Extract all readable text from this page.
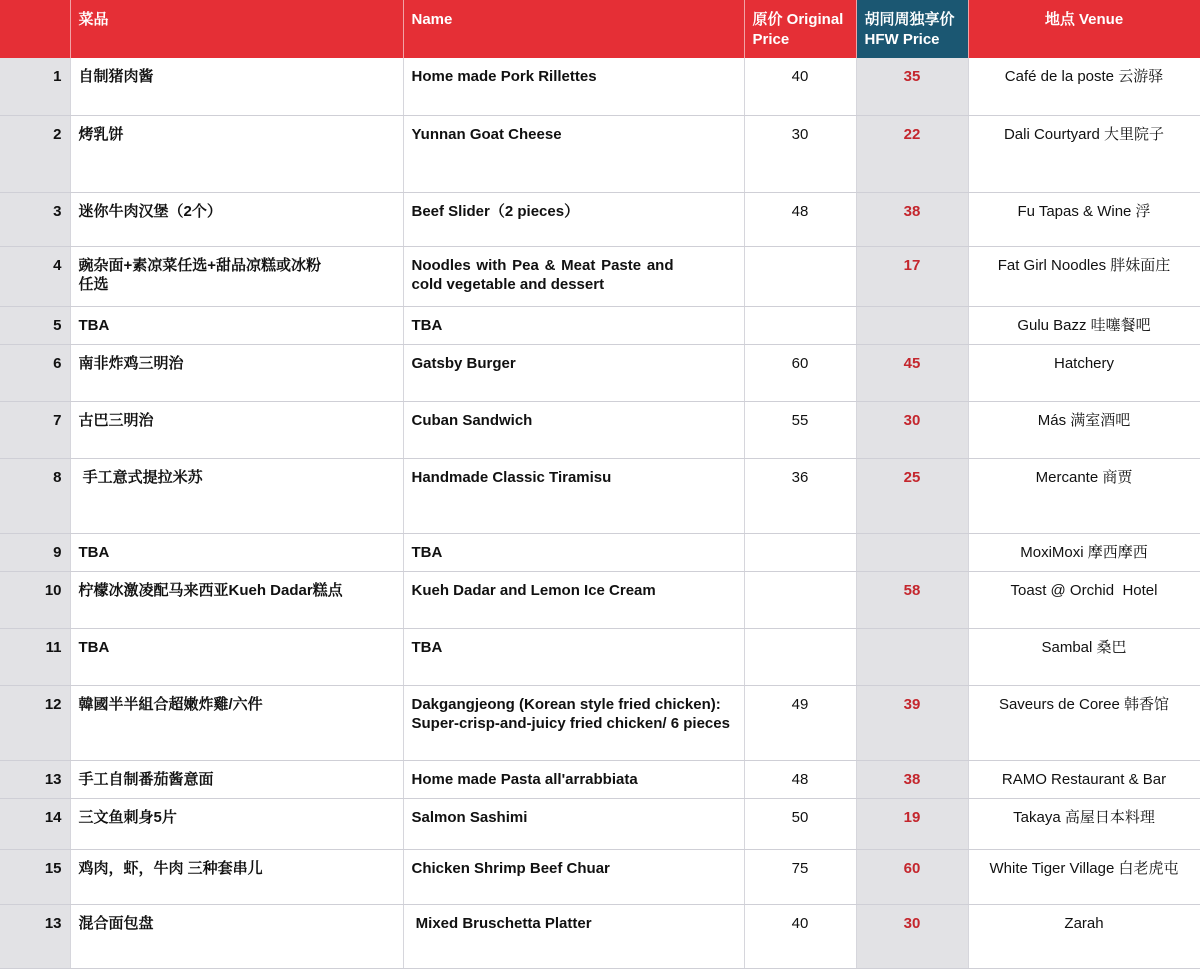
	菜品	Name	原价 Original Price	胡同周独享价 HFW Price	地点 Venue
1	自制猪肉酱	Home made Pork Rillettes	40	35	Café de la poste 云游驿
2	烤乳饼	Yunnan Goat Cheese	30	22	Dali Courtyard 大里院子
3	迷你牛肉汉堡（2个）	Beef Slider（2 pieces）	48	38	Fu Tapas & Wine 浮
4	豌杂面+素凉菜任选+甜品凉糕或冰粉任选	Noodles with Pea & Meat Paste and cold vegetable and dessert		17	Fat Girl Noodles 胖妹面庄
5	TBA	TBA			Gulu Bazz 哇噻餐吧
6	南非炸鸡三明治	Gatsby Burger	60	45	Hatchery
7	古巴三明治	Cuban Sandwich	55	30	Más 满室酒吧
8	手工意式提拉米苏	Handmade Classic Tiramisu	36	25	Mercante 商贾
9	TBA	TBA			MoxiMoxi 摩西摩西
10	柠檬冰激凌配马来西亚Kueh Dadar糕点	Kueh Dadar and Lemon Ice Cream		58	Toast @ Orchid  Hotel
11	TBA	TBA			Sambal 桑巴
12	韓國半半組合超嫩炸雞/六件	Dakgangjeong (Korean style fried chicken): Super-crisp-and-juicy fried chicken/ 6 pieces	49	39	Saveurs de Coree 韩香馆
13	手工自制番茄酱意面	Home made Pasta all'arrabbiata	48	38	RAMO Restaurant & Bar
14	三文鱼刺身5片	Salmon Sashimi	50	19	Takaya 高屋日本料理
15	鸡肉，虾，牛肉 三种套串儿	Chicken Shrimp Beef Chuar	75	60	White Tiger Village 白老虎屯
13	混合面包盘	Mixed Bruschetta Platter	40	30	Zarah
